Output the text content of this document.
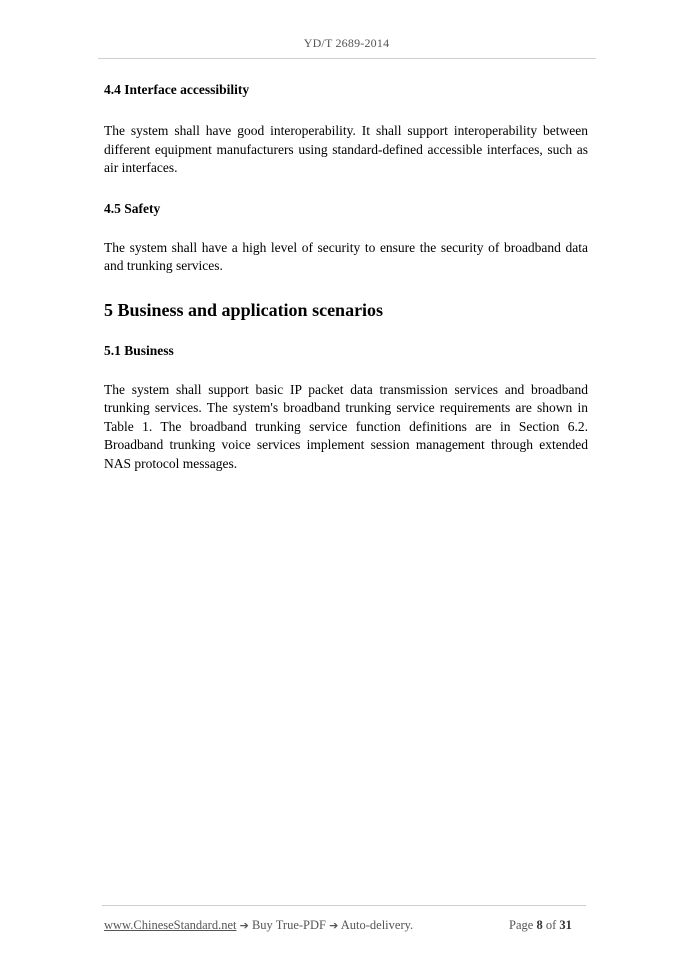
YD/T 2689-2014

4.4 Interface accessibility

The system shall have good interoperability. It shall support interoperability between different equipment manufacturers using standard-defined accessible interfaces, such as air interfaces.

4.5 Safety

The system shall have a high level of security to ensure the security of broadband data and trunking services.

5 Business and application scenarios

5.1 Business

The system shall support basic IP packet data transmission services and broadband trunking services. The system's broadband trunking service requirements are shown in Table 1. The broadband trunking service function definitions are in Section 6.2. Broadband trunking voice services implement session management through extended NAS protocol messages.

www.ChineseStandard.net ➔ Buy True-PDF ➔ Auto-delivery.	Page 8 of 31
